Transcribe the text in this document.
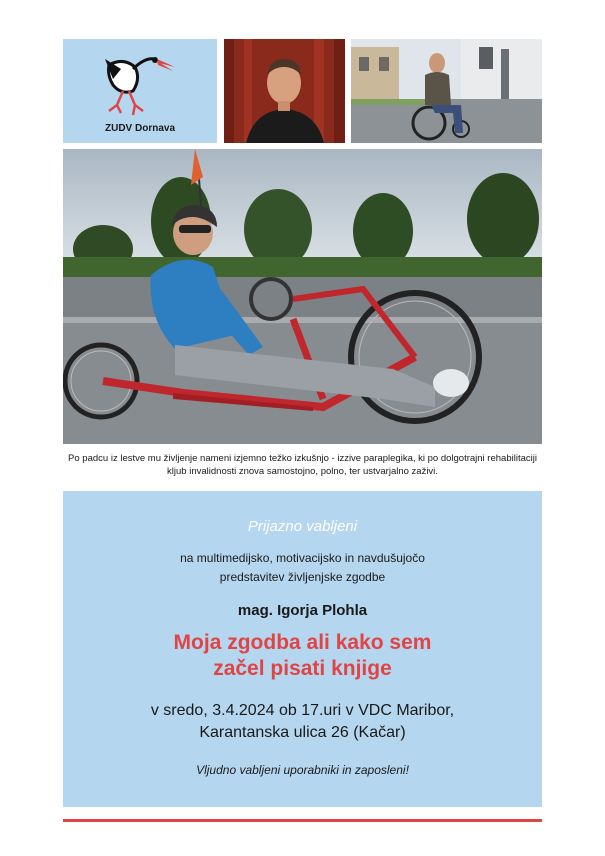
ZUDV Dornava
Po padcu iz lestve mu življenje nameni izjemno težko izkušnjo - izzive paraplegika, ki po dolgotrajni rehabilitaciji
kljub invalidnosti znova samostojno, polno, ter ustvarjalno zaživi.
Prijazno vabljeni
na multimedijsko, motivacijsko in navdušujočo
predstavitev življenjske zgodbe
mag. Igorja Plohla
Moja zgodba ali kako sem
začel pisati knjige
v sredo, 3.4.2024 ob 17.uri v VDC Maribor,
Karantanska ulica 26 (Kačar)
Vljudno vabljeni uporabniki in zaposleni!
